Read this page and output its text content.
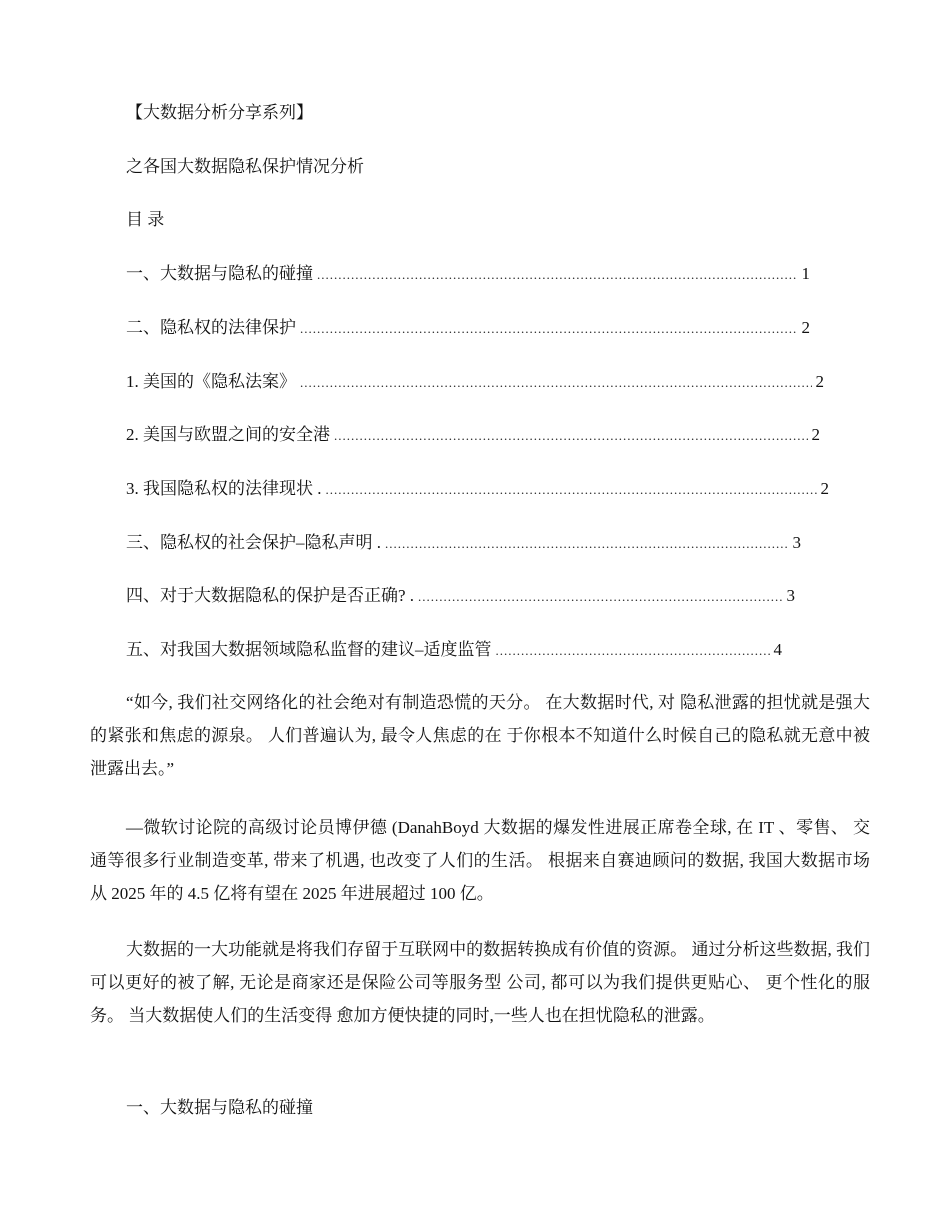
【大数据分析分享系列】
之各国大数据隐私保护情况分析
目 录
一、大数据与隐私的碰撞 .....	1
二、隐私权的法律保护 .....	2
1. 美国的《隐私法案》 .....	2
2. 美国与欧盟之间的安全港 .....	2
3. 我国隐私权的法律现状 . .....	2
三、隐私权的社会保护–隐私声明 . .....	3
四、对于大数据隐私的保护是否正确? . .....	3
五、对我国大数据领域隐私监督的建议–适度监管 .....	4
“如今, 我们社交网络化的社会绝对有制造恐慌的天分。 在大数据时代, 对 隐私泄露的担忧就是强大的紧张和焦虑的源泉。 人们普遍认为, 最令人焦虑的在 于你根本不知道什么时候自己的隐私就无意中被泄露出去。”
—微软讨论院的高级讨论员博伊德 (DanahBoyd 大数据的爆发性进展正席卷全球, 在 IT 、零售、 交通等很多行业制造变革, 带来了机遇, 也改变了人们的生活。 根据来自赛迪顾问的数据, 我国大数据市场 从 2025 年的 4.5 亿将有望在 2025 年进展超过 100 亿。
大数据的一大功能就是将我们存留于互联网中的数据转换成有价值的资源。 通过分析这些数据, 我们可以更好的被了解, 无论是商家还是保险公司等服务型 公司, 都可以为我们提供更贴心、 更个性化的服务。 当大数据使人们的生活变得 愈加方便快捷的同时,一些人也在担忧隐私的泄露。
一、大数据与隐私的碰撞
